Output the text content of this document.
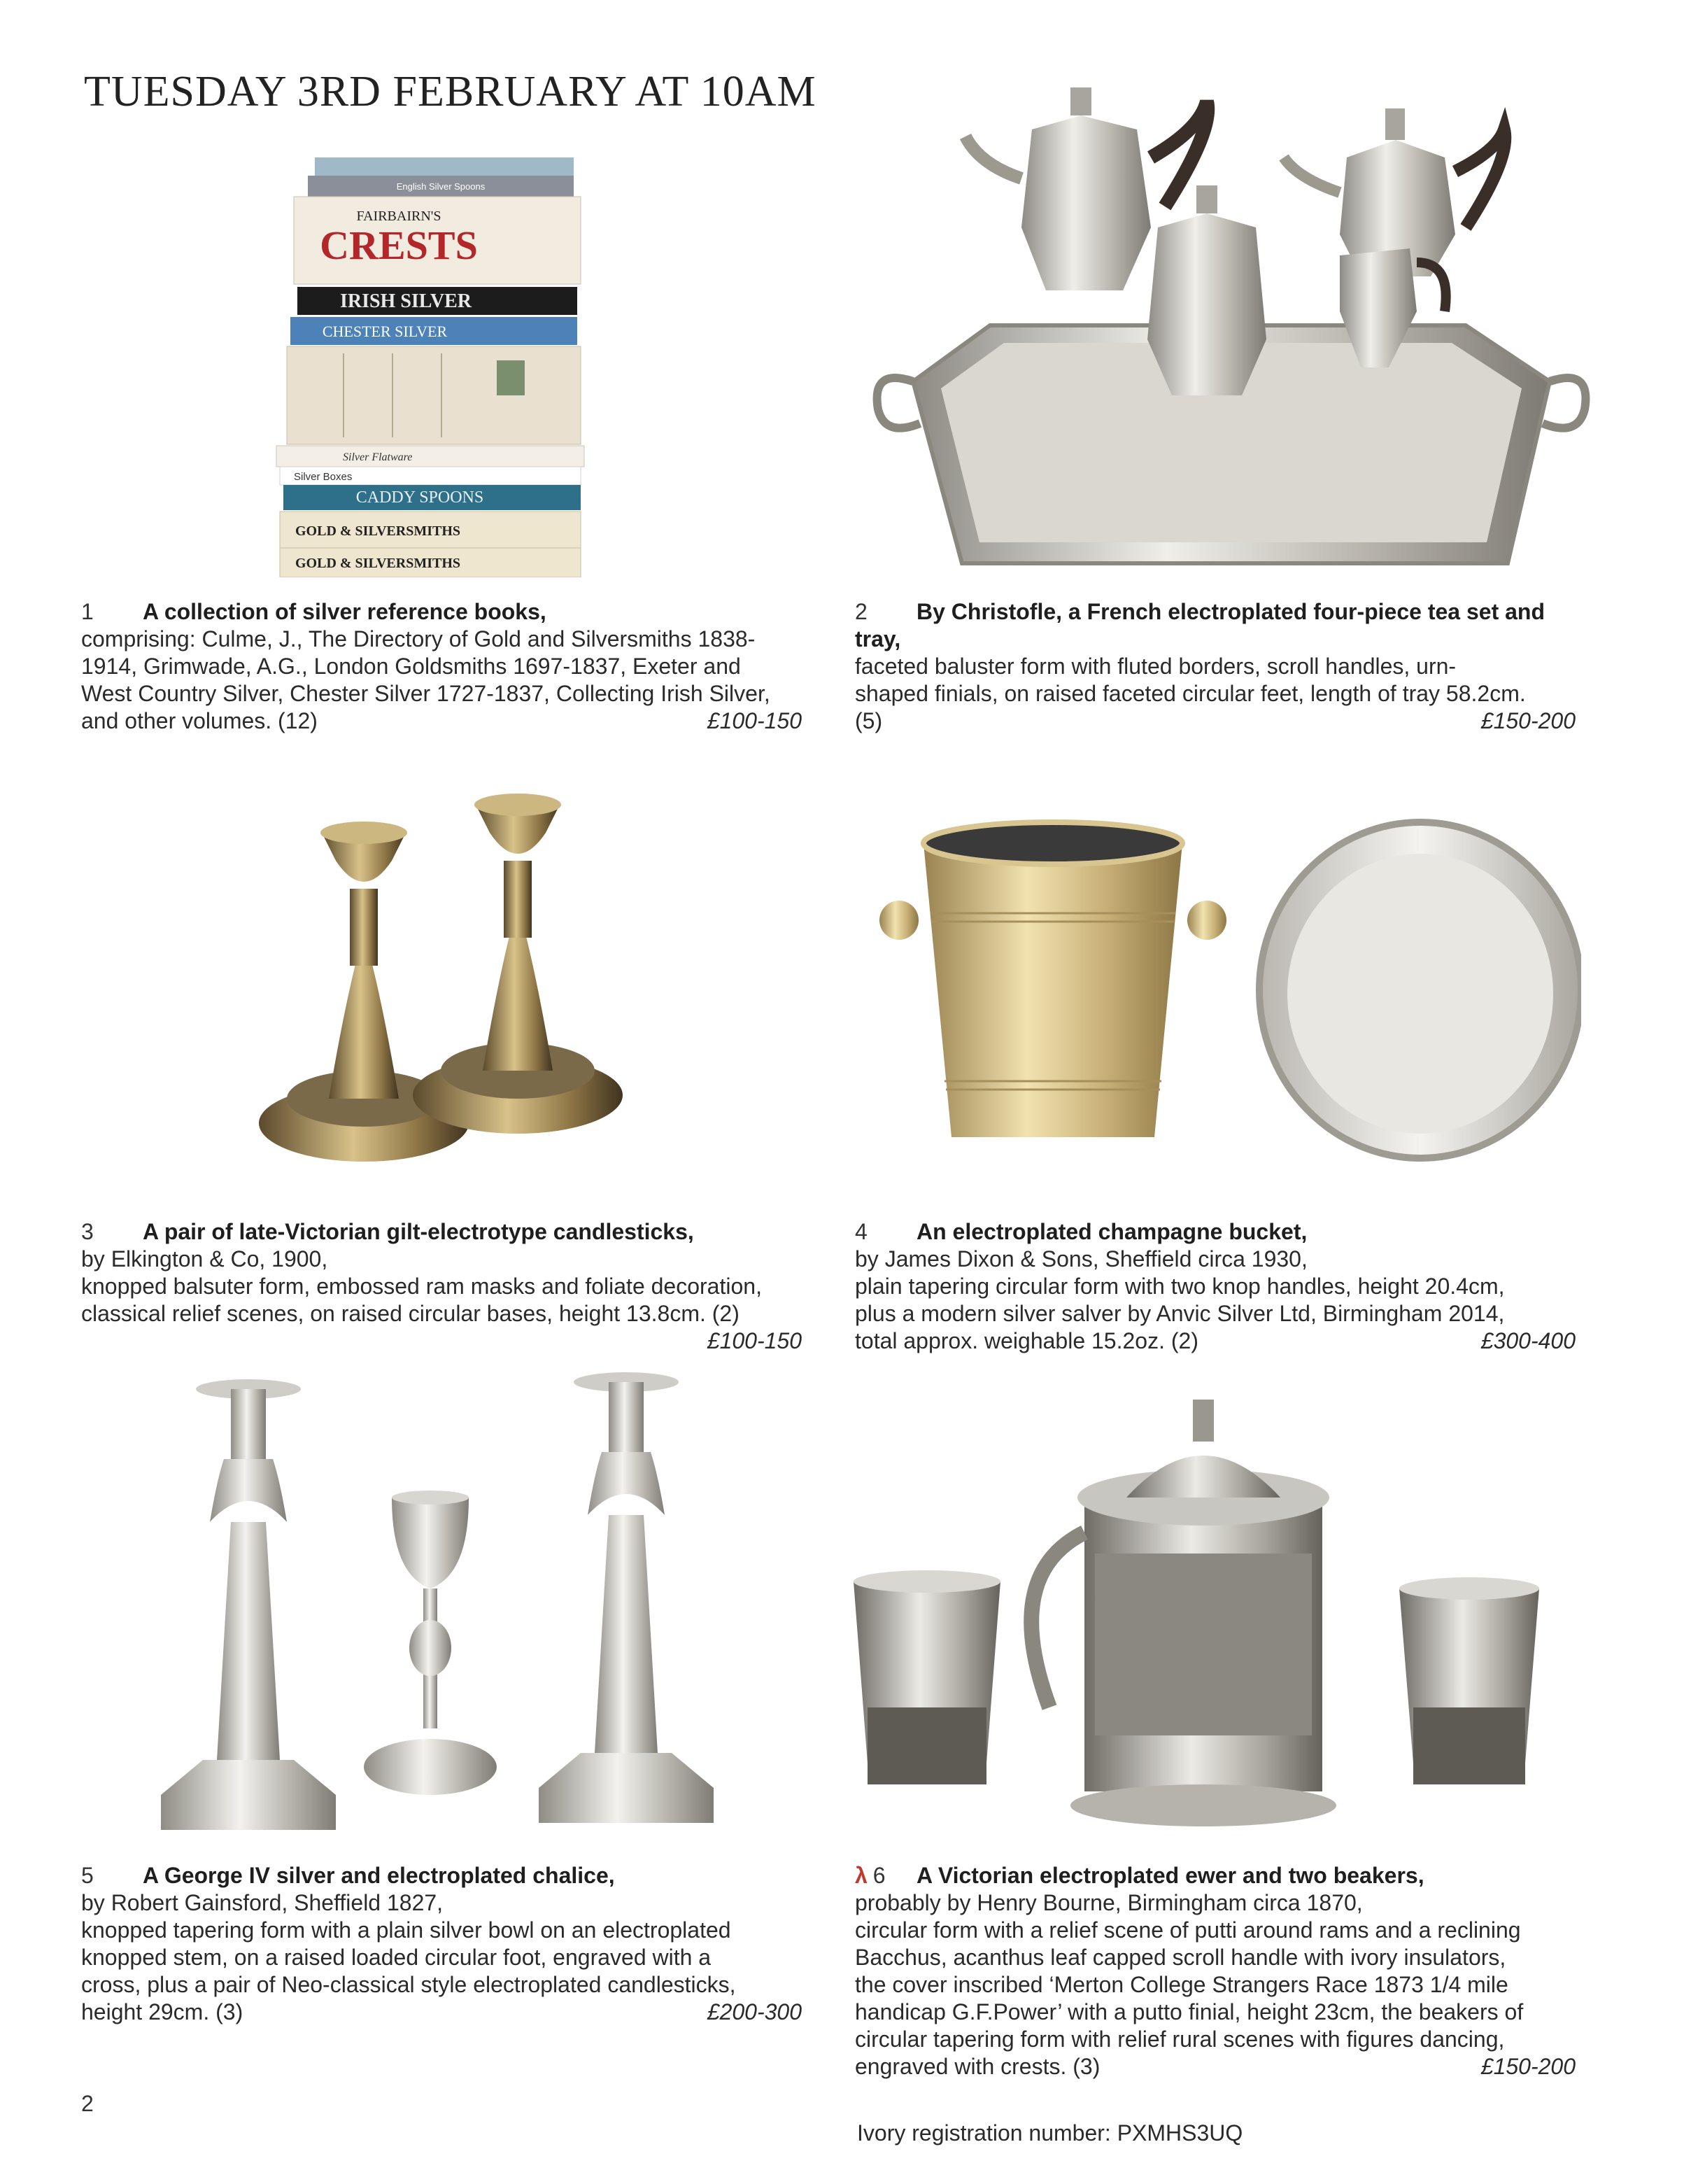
TUESDAY 3RD FEBRUARY AT 10AM
English Silver Spoons
FAIRBAIRN'S
CRESTS
IRISH SILVER
CHESTER SILVER
Silver Flatware
Silver Boxes
CADDY SPOONS
GOLD & SILVERSMITHS
GOLD & SILVERSMITHS
1 A collection of silver reference books,
comprising: Culme, J., The Directory of Gold and Silversmiths 1838-
1914, Grimwade, A.G., London Goldsmiths 1697-1837, Exeter and
West Country Silver, Chester Silver 1727-1837, Collecting Irish Silver,
and other volumes. (12)	£100-150
2 By Christofle, a French electroplated four-piece tea set and
tray,
faceted baluster form with fluted borders, scroll handles, urn-
shaped finials, on raised faceted circular feet, length of tray 58.2cm.
(5)	£150-200
3 A pair of late-Victorian gilt-electrotype candlesticks,
by Elkington & Co, 1900,
knopped balsuter form, embossed ram masks and foliate decoration,
classical relief scenes, on raised circular bases, height 13.8cm. (2)
£100-150
4 An electroplated champagne bucket,
by James Dixon & Sons, Sheffield circa 1930,
plain tapering circular form with two knop handles, height 20.4cm,
plus a modern silver salver by Anvic Silver Ltd, Birmingham 2014,
total approx. weighable 15.2oz. (2)	£300-400
5 A George IV silver and electroplated chalice,
by Robert Gainsford, Sheffield 1827,
knopped tapering form with a plain silver bowl on an electroplated
knopped stem, on a raised loaded circular foot, engraved with a
cross, plus a pair of Neo-classical style electroplated candlesticks,
height 29cm. (3)	£200-300
λ 6 A Victorian electroplated ewer and two beakers,
probably by Henry Bourne, Birmingham circa 1870,
circular form with a relief scene of putti around rams and a reclining
Bacchus, acanthus leaf capped scroll handle with ivory insulators,
the cover inscribed ‘Merton College Strangers Race 1873 1/4 mile
handicap G.F.Power’ with a putto finial, height 23cm, the beakers of
circular tapering form with relief rural scenes with figures dancing,
engraved with crests. (3)	£150-200
2
Ivory registration number: PXMHS3UQ
